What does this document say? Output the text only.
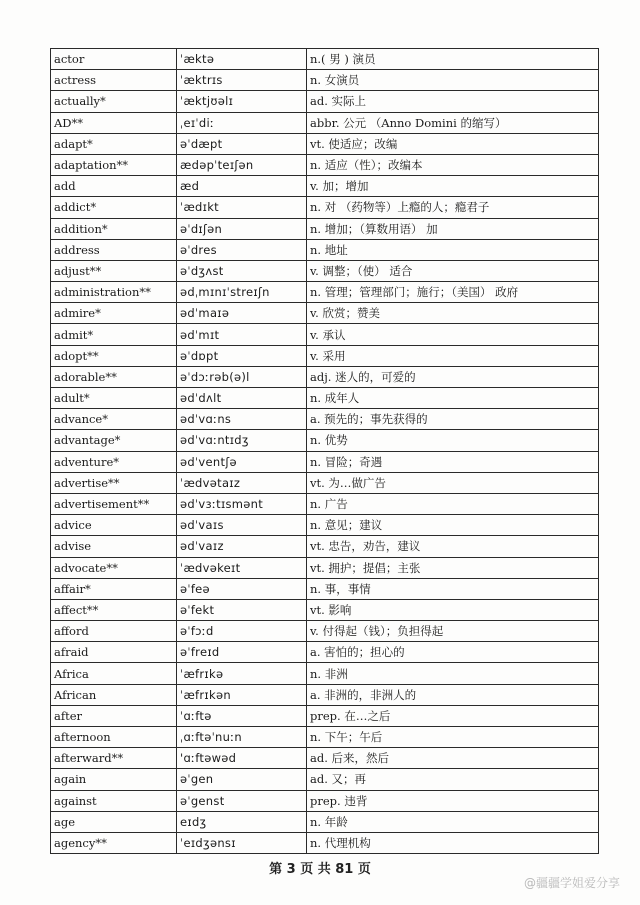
actor	ˈæktə	n.( 男 ) 演员
actress	ˈæktrɪs	n. 女演员
actually*	ˈæktjʊəlɪ	ad. 实际上
AD**	ˌeɪˈdiː	abbr. 公元 （Anno Domini 的缩写）
adapt*	əˈdæpt	vt. 使适应；改编
adaptation**	ædəpˈteɪʃən	n. 适应（性）；改编本
add	æd	v. 加；增加
addict*	ˈædɪkt	n. 对 （药物等）上瘾的人；瘾君子
addition*	əˈdɪʃən	n. 增加；（算数用语） 加
address	əˈdres	n. 地址
adjust**	əˈdʒʌst	v. 调整；（使） 适合
administration**	ədˌmɪnɪˈstreɪʃn	n. 管理；管理部门；施行；（美国） 政府
admire*	ədˈmaɪə	v. 欣赏；赞美
admit*	ədˈmɪt	v. 承认
adopt**	əˈdɒpt	v. 采用
adorable**	əˈdɔːrəb(ə)l	adj. 迷人的，可爱的
adult*	ədˈdʌlt	n. 成年人
advance*	ədˈvɑːns	a. 预先的；事先获得的
advantage*	ədˈvɑːntɪdʒ	n. 优势
adventure*	ədˈventʃə	n. 冒险；奇遇
advertise**	ˈædvətaɪz	vt. 为…做广告
advertisement**	ədˈvɜːtɪsmənt	n. 广告
advice	ədˈvaɪs	n. 意见；建议
advise	ədˈvaɪz	vt. 忠告，劝告，建议
advocate**	ˈædvəkeɪt	vt. 拥护；提倡；主张
affair*	əˈfeə	n. 事，事情
affect**	əˈfekt	vt. 影响
afford	əˈfɔːd	v. 付得起（钱）；负担得起
afraid	əˈfreɪd	a. 害怕的；担心的
Africa	ˈæfrɪkə	n. 非洲
African	ˈæfrɪkən	a. 非洲的，非洲人的
after	ˈɑːftə	prep. 在…之后
afternoon	ˌɑːftəˈnuːn	n. 下午；午后
afterward**	'ɑːftəwəd	ad. 后来，然后
again	əˈgen	ad. 又；再
against	əˈgenst	prep. 违背
age	eɪdʒ	n. 年龄
agency**	ˈeɪdʒənsɪ	n. 代理机构
第 3 页 共 81 页
@疆疆学姐爱分享
